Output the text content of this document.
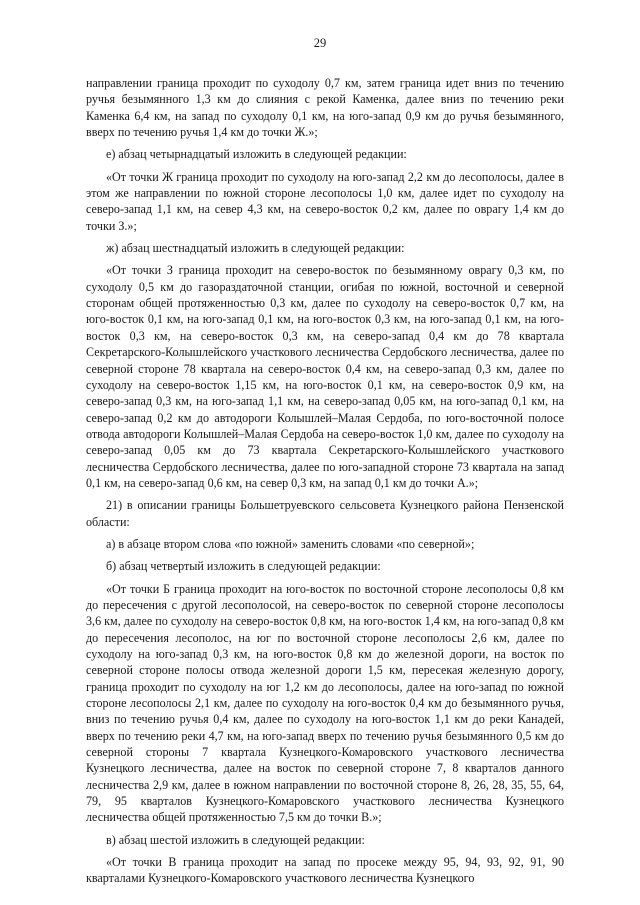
29

направлении граница проходит по суходолу 0,7 км, затем граница идет вниз по течению ручья безымянного 1,3 км до слияния с рекой Каменка, далее вниз по течению реки Каменка 6,4 км, на запад по суходолу 0,1 км, на юго-запад 0,9 км до ручья безымянного, вверх по течению ручья 1,4 км до точки Ж.»;

е) абзац четырнадцатый изложить в следующей редакции:

«От точки Ж граница проходит по суходолу на юго-запад 2,2 км до лесополосы, далее в этом же направлении по южной стороне лесополосы 1,0 км, далее идет по суходолу на северо-запад 1,1 км, на север 4,3 км, на северо-восток 0,2 км, далее по оврагу 1,4 км до точки З.»;

ж) абзац шестнадцатый изложить в следующей редакции:

«От точки З граница проходит на северо-восток по безымянному оврагу 0,3 км, по суходолу 0,5 км до газораздаточной станции, огибая по южной, восточной и северной сторонам общей протяженностью 0,3 км, далее по суходолу на северо-восток 0,7 км, на юго-восток 0,1 км, на юго-запад 0,1 км, на юго-восток 0,3 км, на юго-запад 0,1 км, на юго-восток 0,3 км, на северо-восток 0,3 км, на северо-запад 0,4 км до 78 квартала Секретарского-Колышлейского участкового лесничества Сердобского лесничества, далее по северной стороне 78 квартала на северо-восток 0,4 км, на северо-запад 0,3 км, далее по суходолу на северо-восток 1,15 км, на юго-восток 0,1 км, на северо-восток 0,9 км, на северо-запад 0,3 км, на юго-запад 1,1 км, на северо-запад 0,05 км, на юго-запад 0,1 км, на северо-запад 0,2 км до автодороги Колышлей–Малая Сердоба, по юго-восточной полосе отвода автодороги Колышлей–Малая Сердоба на северо-восток 1,0 км, далее по суходолу на северо-запад 0,05 км до 73 квартала Секретарского-Колышлейского участкового лесничества Сердобского лесничества, далее по юго-западной стороне 73 квартала на запад 0,1 км, на северо-запад 0,6 км, на север 0,3 км, на запад 0,1 км до точки А.»;

21) в описании границы Большетруевского сельсовета Кузнецкого района Пензенской области:

а) в абзаце втором слова «по южной» заменить словами «по северной»;

б) абзац четвертый изложить в следующей редакции:

«От точки Б граница проходит на юго-восток по восточной стороне лесополосы 0,8 км до пересечения с другой лесополосой, на северо-восток по северной стороне лесополосы 3,6 км, далее по суходолу на северо-восток 0,8 км, на юго-восток 1,4 км, на юго-запад 0,8 км до пересечения лесополос, на юг по восточной стороне лесополосы 2,6 км, далее по суходолу на юго-запад 0,3 км, на юго-восток 0,8 км до железной дороги, на восток по северной стороне полосы отвода железной дороги 1,5 км, пересекая железную дорогу, граница проходит по суходолу на юг 1,2 км до лесополосы, далее на юго-запад по южной стороне лесополосы 2,1 км, далее по суходолу на юго-восток 0,4 км до безымянного ручья, вниз по течению ручья 0,4 км, далее по суходолу на юго-восток 1,1 км до реки Канадей, вверх по течению реки 4,7 км, на юго-запад вверх по течению ручья безымянного 0,5 км до северной стороны 7 квартала Кузнецкого-Комаровского участкового лесничества Кузнецкого лесничества, далее на восток по северной стороне 7, 8 кварталов данного лесничества 2,9 км, далее в южном направлении по восточной стороне 8, 26, 28, 35, 55, 64, 79, 95 кварталов Кузнецкого-Комаровского участкового лесничества Кузнецкого лесничества общей протяженностью 7,5 км до точки В.»;

в) абзац шестой изложить в следующей редакции:

«От точки В граница проходит на запад по просеке между 95, 94, 93, 92, 91, 90 кварталами Кузнецкого-Комаровского участкового лесничества Кузнецкого
